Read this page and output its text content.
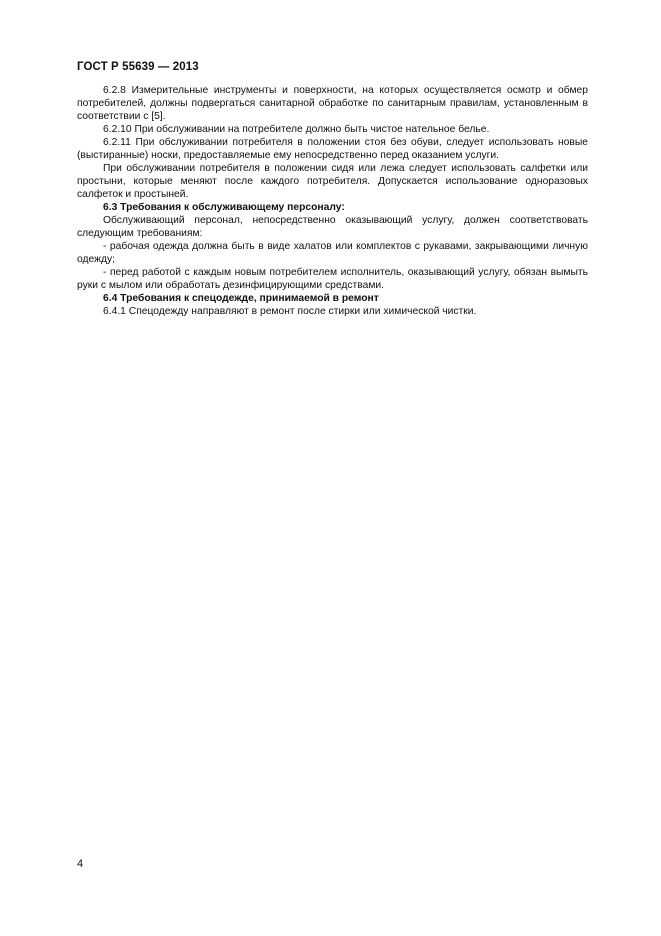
ГОСТ Р 55639 — 2013

6.2.8 Измерительные инструменты и поверхности, на которых осуществляется осмотр и обмер потребителей, должны подвергаться санитарной обработке по санитарным правилам, установленным в соответствии с [5].

6.2.10 При обслуживании на потребителе должно быть чистое нательное белье.

6.2.11 При обслуживании потребителя в положении стоя без обуви, следует использовать новые (выстиранные) носки, предоставляемые ему непосредственно перед оказанием услуги.

При обслуживании потребителя в положении сидя или лежа следует использовать салфетки или простыни, которые меняют после каждого потребителя. Допускается использование одноразовых салфеток и простыней.

6.3 Требования к обслуживающему персоналу:

Обслуживающий персонал, непосредственно оказывающий услугу, должен соответствовать следующим требованиям:

- рабочая одежда должна быть в виде халатов или комплектов с рукавами, закрывающими личную одежду;

- перед работой с каждым новым потребителем исполнитель, оказывающий услугу, обязан вымыть руки с мылом или обработать дезинфицирующими средствами.

6.4 Требования к спецодежде, принимаемой в ремонт

6.4.1 Спецодежду направляют в ремонт после стирки или химической чистки.

4
